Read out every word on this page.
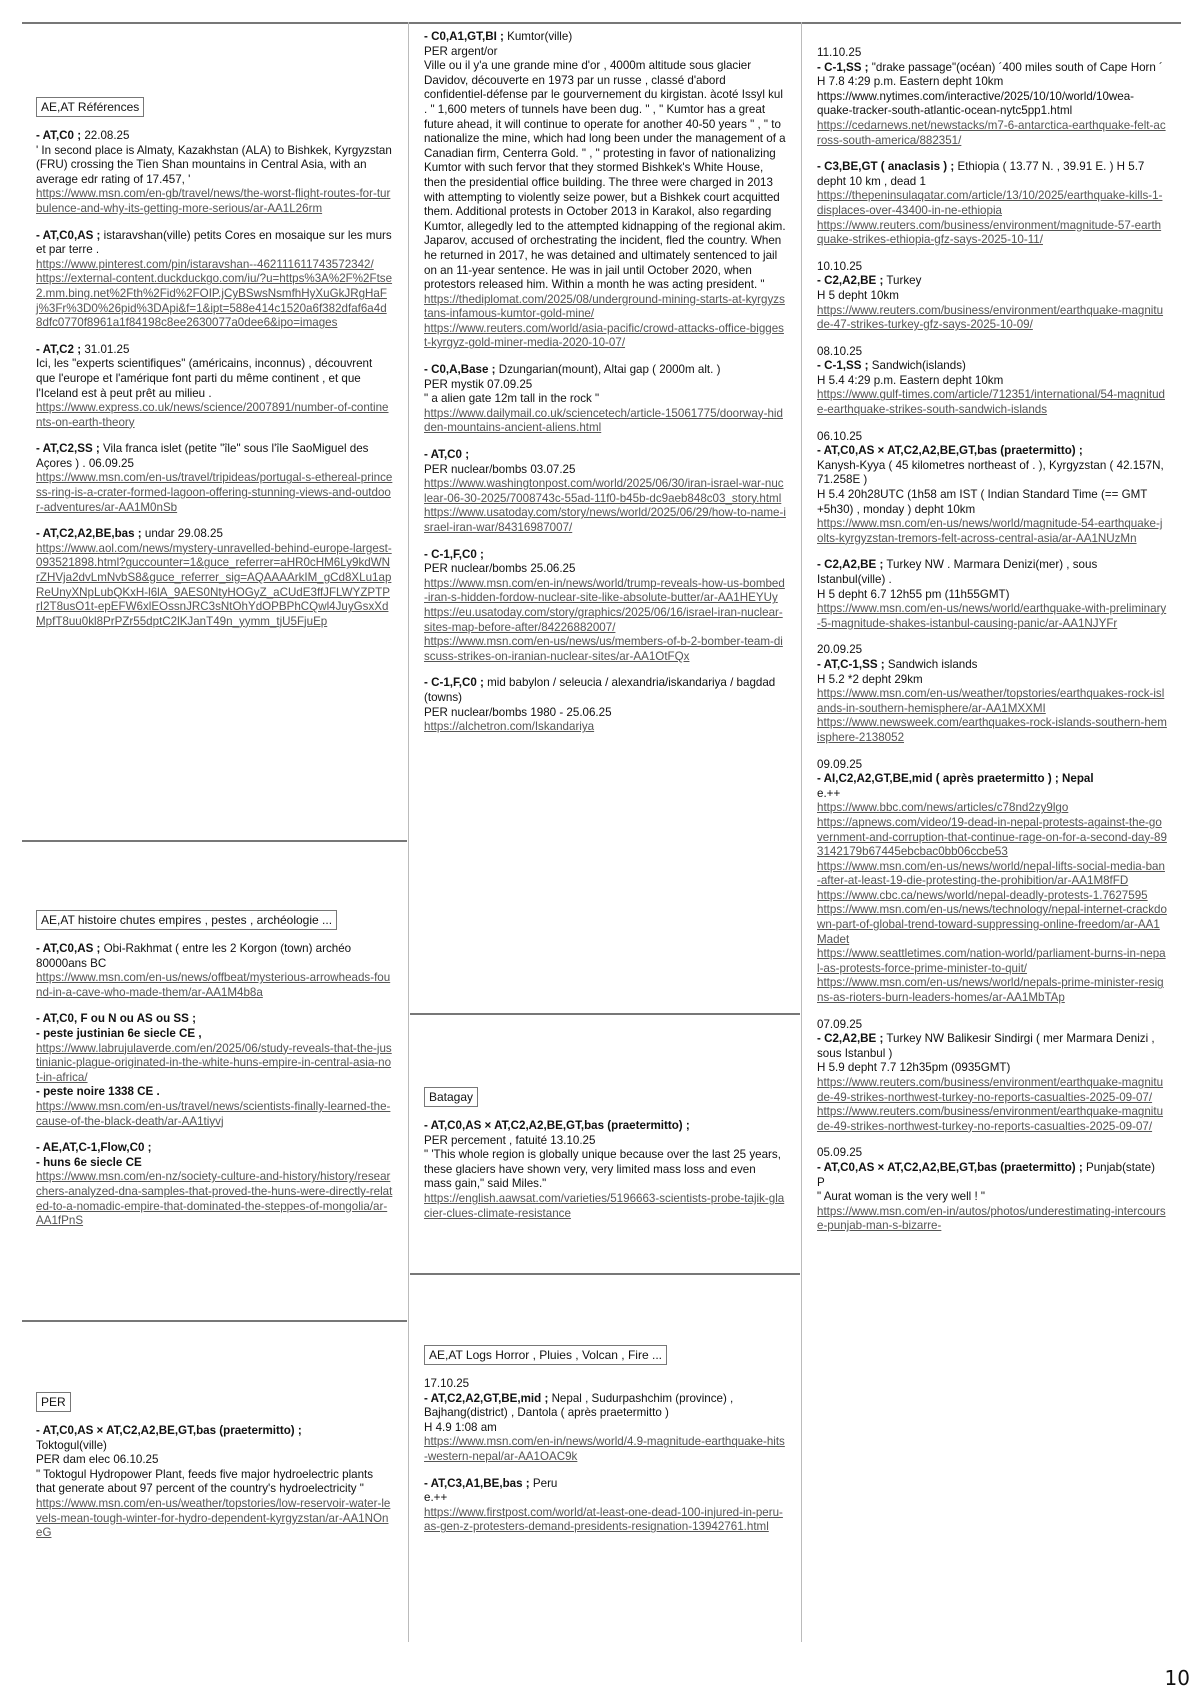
AE,AT Références

- AT,C0 ; 22.08.25

' In second place is Almaty, Kazakhstan (ALA) to Bishkek, Kyrgyzstan (FRU) crossing the Tien Shan mountains in Central Asia, with an average edr rating of 17.457, '

https://www.msn.com/en-gb/travel/news/the-worst-flight-routes-for-turbulence-and-why-its-getting-more-serious/ar-AA1L26rm

- AT,C0,AS ; istaravshan(ville) petits Cores en mosaique sur les murs et par terre .

https://www.pinterest.com/pin/istaravshan--462111611743572342/
https://external-content.duckduckgo.com/iu/?u=https%3A%2F%2Ftse2.mm.bing.net%2Fth%2Fid%2FOIP.jCyBSwsNsmfhHyXuGkJRgHaFj%3Fr%3D0%26pid%3DApi&f=1&ipt=588e414c1520a6f382dfaf6a4d8dfc0770f8961a1f84198c8ee2630077a0dee6&ipo=images

- AT,C2 ; 31.01.25

Ici, les "experts scientifiques" (américains, inconnus) , découvrent que l'europe et l'amérique font parti du même continent , et que l'Iceland est à peut prêt au milieu .

https://www.express.co.uk/news/science/2007891/number-of-continents-on-earth-theory

- AT,C2,SS ; Vila franca islet (petite "île" sous l'île SaoMiguel des Açores ) . 06.09.25

https://www.msn.com/en-us/travel/tripideas/portugal-s-ethereal-princess-ring-is-a-crater-formed-lagoon-offering-stunning-views-and-outdoor-adventures/ar-AA1M0nSb

- AT,C2,A2,BE,bas ; undar 29.08.25

https://www.aol.com/news/mystery-unravelled-behind-europe-largest-093521898.html?guccounter=1&guce_referrer=aHR0cHM6Ly9kdWNrZHVja2dvLmNvbS8&guce_referrer_sig=AQAAAArkIM_gCd8XLu1apReUnyXNpLubQKxH-l6lA_9AES0NtyHOGyZ_aCUdE3ffJFLWYZPTPrI2T8usO1t-epEFW6xlEOssnJRC3sNtOhYdOPBPhCQwl4JuyGsxXdMpfT8uu0kl8PrPZr55dptC2lKJanT49n_yymm_tjU5FjuEp
AE,AT histoire chutes empires , pestes , archéologie ...

- AT,C0,AS ; Obi-Rakhmat ( entre les 2 Korgon (town) archéo 80000ans BC

https://www.msn.com/en-us/news/offbeat/mysterious-arrowheads-found-in-a-cave-who-made-them/ar-AA1M4b8a

- AT,C0, F ou N ou AS ou SS ;

- peste justinian 6e siecle CE ,

https://www.labrujulaverde.com/en/2025/06/study-reveals-that-the-justinianic-plague-originated-in-the-white-huns-empire-in-central-asia-not-in-africa/

- peste noire 1338 CE .

https://www.msn.com/en-us/travel/news/scientists-finally-learned-the-cause-of-the-black-death/ar-AA1tiyvj

- AE,AT,C-1,Flow,C0 ;

- huns 6e siecle CE

https://www.msn.com/en-nz/society-culture-and-history/history/researchers-analyzed-dna-samples-that-proved-the-huns-were-directly-related-to-a-nomadic-empire-that-dominated-the-steppes-of-mongolia/ar-AA1fPnS
PER

- AT,C0,AS × AT,C2,A2,BE,GT,bas (praetermitto) ;

Toktogul(ville)

PER dam elec 06.10.25

" Toktogul Hydropower Plant, feeds five major hydroelectric plants that generate about 97 percent of the country's hydroelectricity "

https://www.msn.com/en-us/weather/topstories/low-reservoir-water-levels-mean-tough-winter-for-hydro-dependent-kyrgyzstan/ar-AA1NOneG

- C0,A1,GT,BI ; Kumtor(ville)

PER argent/or

Ville ou il y'a une grande mine d'or , 4000m altitude sous glacier Davidov, découverte en 1973 par un russe , classé d'abord confidentiel-défense par le gourvernement du kirgistan. àcoté Issyl kul . " 1,600 meters of tunnels have been dug. " , " Kumtor has a great future ahead, it will continue to operate for another 40-50 years " , " to nationalize the mine, which had long been under the management of a Canadian firm, Centerra Gold. " , " protesting in favor of nationalizing Kumtor with such fervor that they stormed Bishkek's White House, then the presidential office building. The three were charged in 2013 with attempting to violently seize power, but a Bishkek court acquitted them. Additional protests in October 2013 in Karakol, also regarding Kumtor, allegedly led to the attempted kidnapping of the regional akim. Japarov, accused of orchestrating the incident, fled the country. When he returned in 2017, he was detained and ultimately sentenced to jail on an 11-year sentence. He was in jail until October 2020, when protestors released him. Within a month he was acting president. "

https://thediplomat.com/2025/08/underground-mining-starts-at-kyrgyzstans-infamous-kumtor-gold-mine/
https://www.reuters.com/world/asia-pacific/crowd-attacks-office-biggest-kyrgyz-gold-miner-media-2020-10-07/

- C0,A,Base ; Dzungarian(mount), Altai gap ( 2000m alt. )

PER mystik 07.09.25

" a alien gate 12m tall in the rock "

https://www.dailymail.co.uk/sciencetech/article-15061775/doorway-hidden-mountains-ancient-aliens.html

- AT,C0 ;

PER nuclear/bombs 03.07.25

https://www.washingtonpost.com/world/2025/06/30/iran-israel-war-nuclear-06-30-2025/7008743c-55ad-11f0-b45b-dc9aeb848c03_story.html
https://www.usatoday.com/story/news/world/2025/06/29/how-to-name-israel-iran-war/84316987007/

- C-1,F,C0 ;

PER nuclear/bombs 25.06.25

https://www.msn.com/en-in/news/world/trump-reveals-how-us-bombed-iran-s-hidden-fordow-nuclear-site-like-absolute-butter/ar-AA1HEYUy
https://eu.usatoday.com/story/graphics/2025/06/16/israel-iran-nuclear-sites-map-before-after/84226882007/
https://www.msn.com/en-us/news/us/members-of-b-2-bomber-team-discuss-strikes-on-iranian-nuclear-sites/ar-AA1OtFQx

- C-1,F,C0 ; mid babylon / seleucia / alexandria/iskandariya / bagdad (towns)

PER nuclear/bombs 1980 - 25.06.25

https://alchetron.com/Iskandariya
Batagay

- AT,C0,AS × AT,C2,A2,BE,GT,bas (praetermitto) ;

PER percement , fatuité 13.10.25

" 'This whole region is globally unique because over the last 25 years, these glaciers have shown very, very limited mass loss and even mass gain," said Miles."

https://english.aawsat.com/varieties/5196663-scientists-probe-tajik-glacier-clues-climate-resistance
AE,AT Logs Horror , Pluies , Volcan , Fire ...

17.10.25

- AT,C2,A2,GT,BE,mid ; Nepal , Sudurpashchim (province) , Bajhang(district) , Dantola ( après praetermitto )

H 4.9 1:08 am

https://www.msn.com/en-in/news/world/4.9-magnitude-earthquake-hits-western-nepal/ar-AA1OAC9k

- AT,C3,A1,BE,bas ; Peru

e.++

https://www.firstpost.com/world/at-least-one-dead-100-injured-in-peru-as-gen-z-protesters-demand-presidents-resignation-13942761.html

11.10.25

- C-1,SS ; "drake passage"(océan) ´400 miles south of Cape Horn ´

H 7.8 4:29 p.m. Eastern depht 10km

https://www.nytimes.com/interactive/2025/10/10/world/10wea-quake-tracker-south-atlantic-ocean-nytc5pp1.html

https://cedarnews.net/newstacks/m7-6-antarctica-earthquake-felt-across-south-america/882351/

- C3,BE,GT ( anaclasis ) ; Ethiopia ( 13.77 N. , 39.91 E. ) H 5.7 depht 10 km , dead 1

https://thepeninsulaqatar.com/article/13/10/2025/earthquake-kills-1-displaces-over-43400-in-ne-ethiopia
https://www.reuters.com/business/environment/magnitude-57-earthquake-strikes-ethiopia-gfz-says-2025-10-11/

10.10.25

- C2,A2,BE ; Turkey

H 5 depht 10km

https://www.reuters.com/business/environment/earthquake-magnitude-47-strikes-turkey-gfz-says-2025-10-09/

08.10.25

- C-1,SS ; Sandwich(islands)

H 5.4 4:29 p.m. Eastern depht 10km

https://www.gulf-times.com/article/712351/international/54-magnitude-earthquake-strikes-south-sandwich-islands

06.10.25

- AT,C0,AS × AT,C2,A2,BE,GT,bas (praetermitto) ;

Kanysh-Kyya ( 45 kilometres northeast of . ), Kyrgyzstan ( 42.157N, 71.258E )

H 5.4 20h28UTC (1h58 am IST ( Indian Standard Time (== GMT +5h30) , monday ) depht 10km

https://www.msn.com/en-us/news/world/magnitude-54-earthquake-jolts-kyrgyzstan-tremors-felt-across-central-asia/ar-AA1NUzMn

- C2,A2,BE ; Turkey NW . Marmara Denizi(mer) , sous Istanbul(ville) .

H 5 depht 6.7 12h55 pm (11h55GMT)

https://www.msn.com/en-us/news/world/earthquake-with-preliminary-5-magnitude-shakes-istanbul-causing-panic/ar-AA1NJYFr

20.09.25

- AT,C-1,SS ; Sandwich islands

H 5.2 *2 depht 29km

https://www.msn.com/en-us/weather/topstories/earthquakes-rock-islands-in-southern-hemisphere/ar-AA1MXXMI
https://www.newsweek.com/earthquakes-rock-islands-southern-hemisphere-2138052

09.09.25

- AI,C2,A2,GT,BE,mid ( après praetermitto ) ; Nepal

e.++

https://www.bbc.com/news/articles/c78nd2zy9lgo
https://apnews.com/video/19-dead-in-nepal-protests-against-the-government-and-corruption-that-continue-rage-on-for-a-second-day-893142179b67445ebcbac0bb06ccbe53
https://www.msn.com/en-us/news/world/nepal-lifts-social-media-ban-after-at-least-19-die-protesting-the-prohibition/ar-AA1M8fFD
https://www.cbc.ca/news/world/nepal-deadly-protests-1.7627595
https://www.msn.com/en-us/news/technology/nepal-internet-crackdown-part-of-global-trend-toward-suppressing-online-freedom/ar-AA1Madet
https://www.seattletimes.com/nation-world/parliament-burns-in-nepal-as-protests-force-prime-minister-to-quit/
https://www.msn.com/en-us/news/world/nepals-prime-minister-resigns-as-rioters-burn-leaders-homes/ar-AA1MbTAp

07.09.25

- C2,A2,BE ; Turkey NW Balikesir Sindirgi ( mer Marmara Denizi , sous Istanbul )

H 5.9 depht 7.7 12h35pm (0935GMT)

https://www.reuters.com/business/environment/earthquake-magnitude-49-strikes-northwest-turkey-no-reports-casualties-2025-09-07/
https://www.reuters.com/business/environment/earthquake-magnitude-49-strikes-northwest-turkey-no-reports-casualties-2025-09-07/

05.09.25

- AT,C0,AS × AT,C2,A2,BE,GT,bas (praetermitto) ; Punjab(state)

P

" Aurat woman is the very well ! "

https://www.msn.com/en-in/autos/photos/underestimating-intercourse-punjab-man-s-bizarre-
10
